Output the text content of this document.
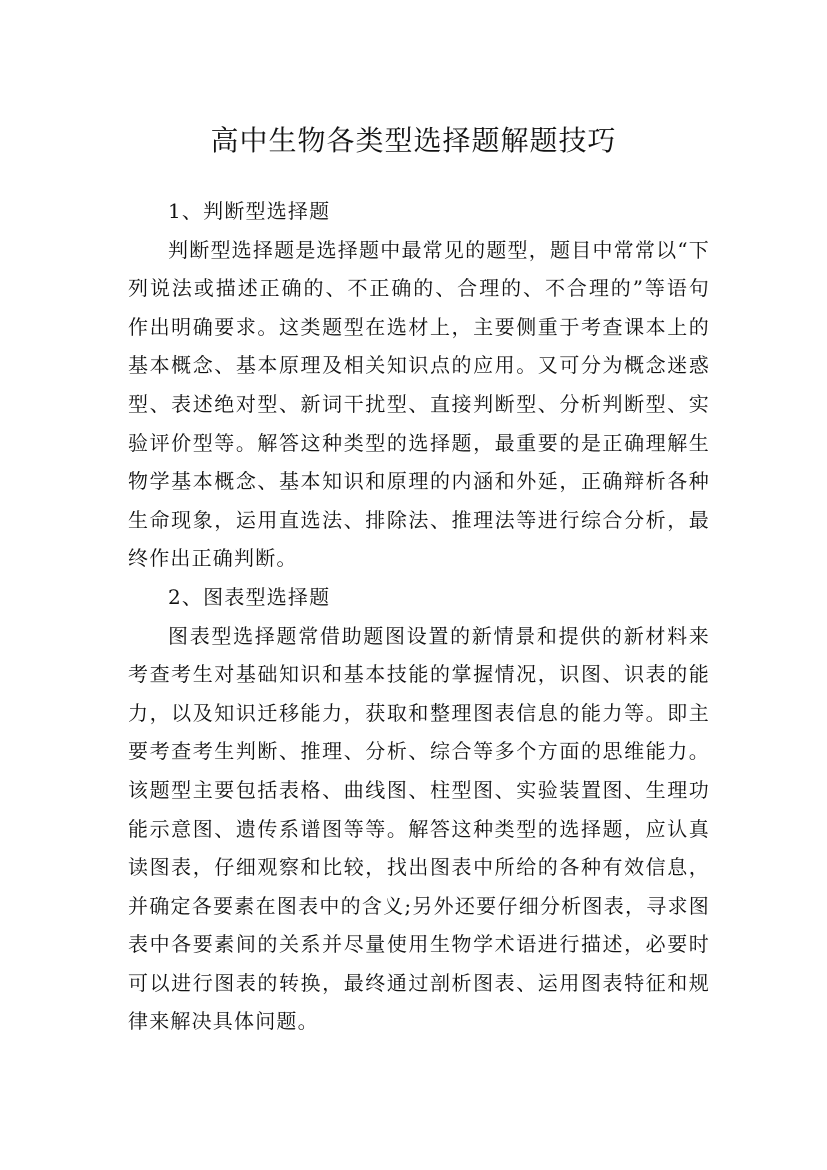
高中生物各类型选择题解题技巧

1、判断型选择题

判断型选择题是选择题中最常见的题型，题目中常常以“下列说法或描述正确的、不正确的、合理的、不合理的”等语句作出明确要求。这类题型在选材上，主要侧重于考查课本上的基本概念、基本原理及相关知识点的应用。又可分为概念迷惑型、表述绝对型、新词干扰型、直接判断型、分析判断型、实验评价型等。解答这种类型的选择题，最重要的是正确理解生物学基本概念、基本知识和原理的内涵和外延，正确辩析各种生命现象，运用直选法、排除法、推理法等进行综合分析，最终作出正确判断。

2、图表型选择题

图表型选择题常借助题图设置的新情景和提供的新材料来考查考生对基础知识和基本技能的掌握情况，识图、识表的能力，以及知识迁移能力，获取和整理图表信息的能力等。即主要考查考生判断、推理、分析、综合等多个方面的思维能力。该题型主要包括表格、曲线图、柱型图、实验装置图、生理功能示意图、遗传系谱图等等。解答这种类型的选择题，应认真读图表，仔细观察和比较，找出图表中所给的各种有效信息，并确定各要素在图表中的含义;另外还要仔细分析图表，寻求图表中各要素间的关系并尽量使用生物学术语进行描述，必要时可以进行图表的转换，最终通过剖析图表、运用图表特征和规律来解决具体问题。
